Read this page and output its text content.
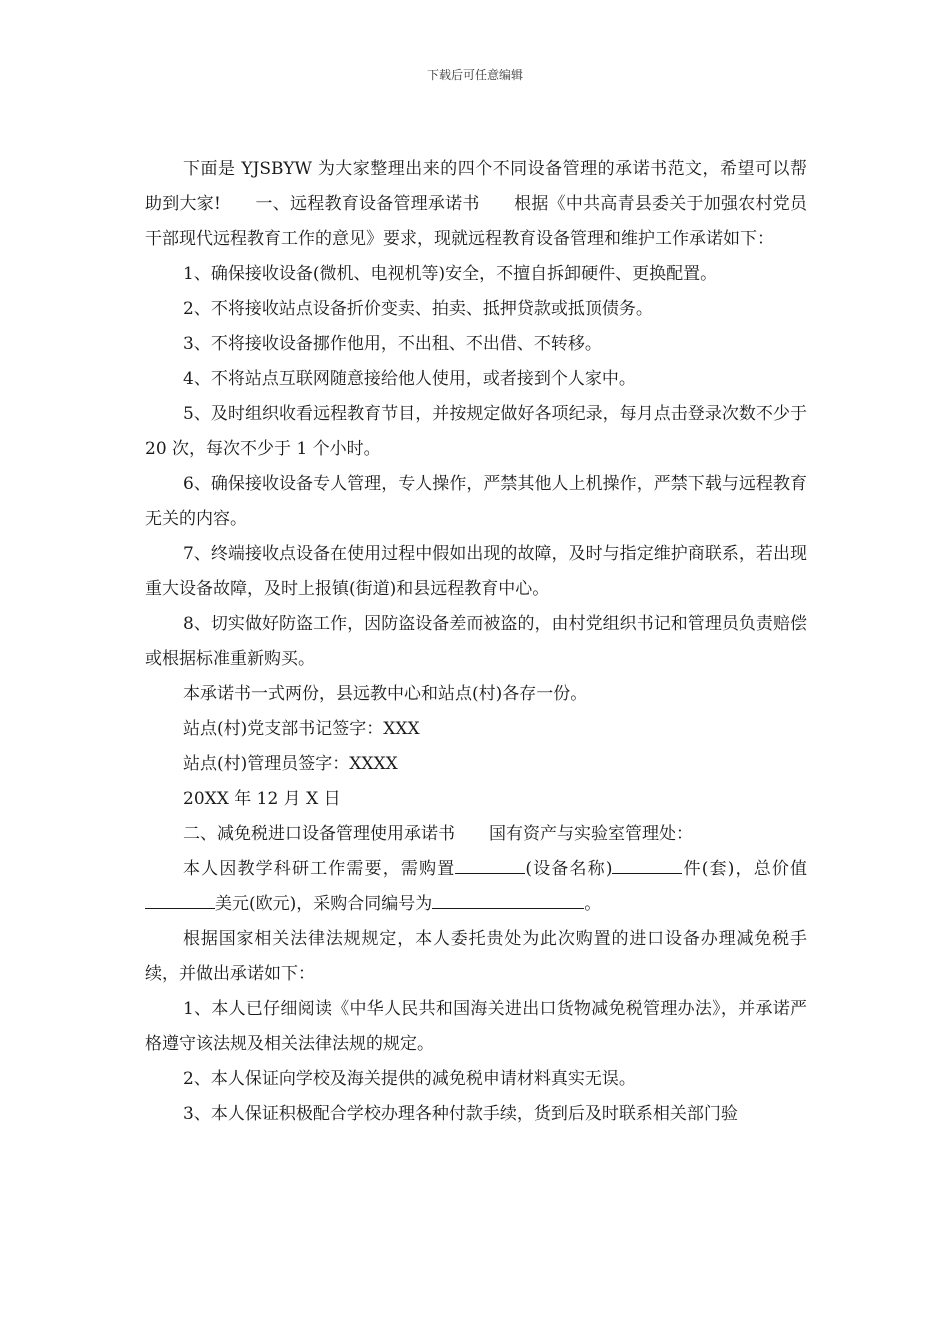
下载后可任意编辑

下面是 YJSBYW 为大家整理出来的四个不同设备管理的承诺书范文，希望可以帮助到大家!　　一、远程教育设备管理承诺书　　根据《中共高青县委关于加强农村党员干部现代远程教育工作的意见》要求，现就远程教育设备管理和维护工作承诺如下：

1、确保接收设备(微机、电视机等)安全，不擅自拆卸硬件、更换配置。

2、不将接收站点设备折价变卖、拍卖、抵押贷款或抵顶债务。

3、不将接收设备挪作他用，不出租、不出借、不转移。

4、不将站点互联网随意接给他人使用，或者接到个人家中。

5、及时组织收看远程教育节目，并按规定做好各项纪录，每月点击登录次数不少于 20 次，每次不少于 1 个小时。

6、确保接收设备专人管理，专人操作，严禁其他人上机操作，严禁下载与远程教育无关的内容。

7、终端接收点设备在使用过程中假如出现的故障，及时与指定维护商联系，若出现重大设备故障，及时上报镇(街道)和县远程教育中心。

8、切实做好防盗工作，因防盗设备差而被盗的，由村党组织书记和管理员负责赔偿或根据标准重新购买。

本承诺书一式两份，县远教中心和站点(村)各存一份。

站点(村)党支部书记签字：XXX

站点(村)管理员签字：XXXX

20XX 年 12 月 X 日

二、减免税进口设备管理使用承诺书　　国有资产与实验室管理处：

本人因教学科研工作需要，需购置	(设备名称)	件(套)，总价值美元(欧元)，采购合同编号为	。

根据国家相关法律法规规定，本人委托贵处为此次购置的进口设备办理减免税手续，并做出承诺如下：

1、本人已仔细阅读《中华人民共和国海关进出口货物减免税管理办法》，并承诺严格遵守该法规及相关法律法规的规定。

2、本人保证向学校及海关提供的减免税申请材料真实无误。

3、本人保证积极配合学校办理各种付款手续，货到后及时联系相关部门验
